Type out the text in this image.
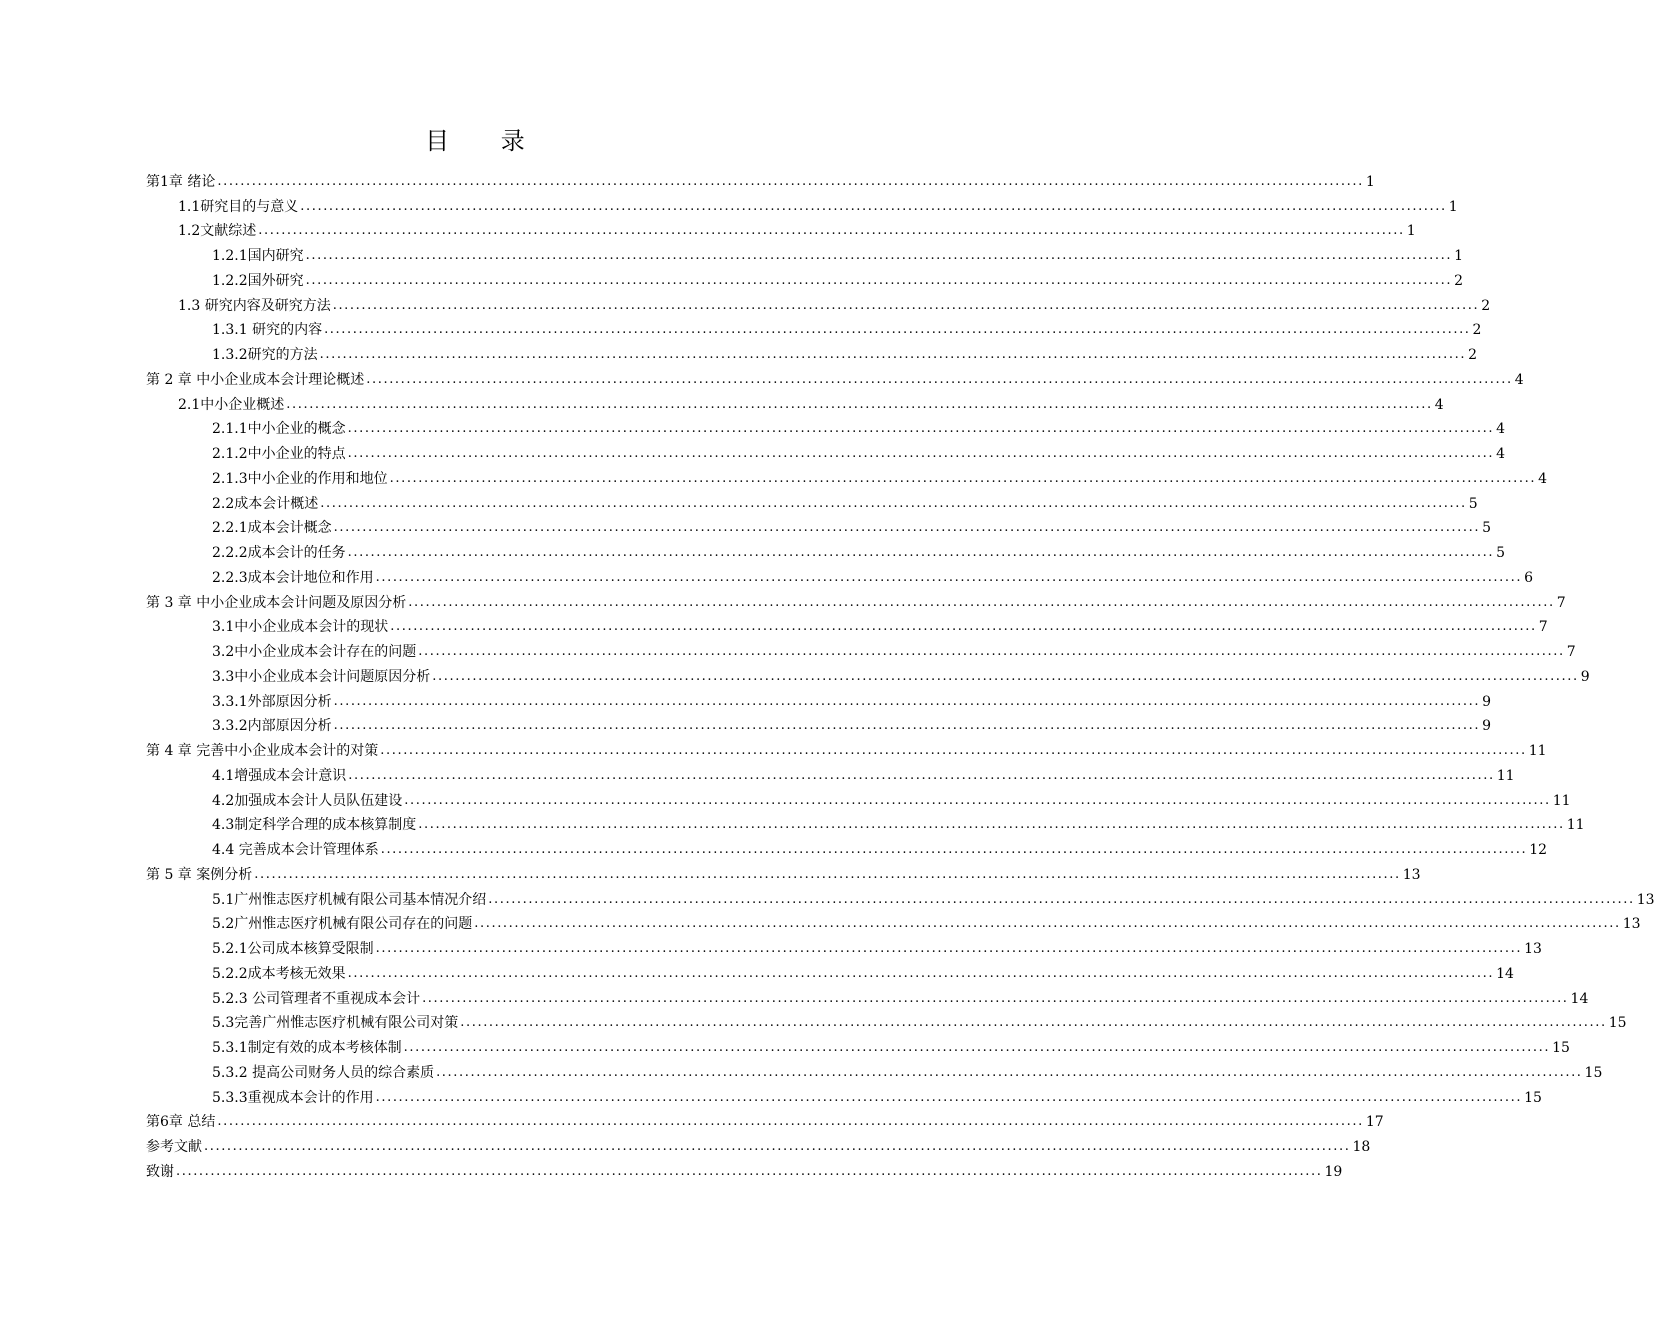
目 录
第1章 绪论 ........................................................................................................................................................................................................ 1
1.1研究目的与意义 ........................................................................................................................................................................................................ 1
1.2文献综述 ........................................................................................................................................................................................................ 1
1.2.1国内研究 ........................................................................................................................................................................................................ 1
1.2.2国外研究 ........................................................................................................................................................................................................ 2
1.3 研究内容及研究方法 ........................................................................................................................................................................................................ 2
1.3.1 研究的内容 ........................................................................................................................................................................................................ 2
1.3.2研究的方法 ........................................................................................................................................................................................................ 2
第 2 章 中小企业成本会计理论概述 ........................................................................................................................................................................................................ 4
2.1中小企业概述 ........................................................................................................................................................................................................ 4
2.1.1中小企业的概念 ........................................................................................................................................................................................................ 4
2.1.2中小企业的特点 ........................................................................................................................................................................................................ 4
2.1.3中小企业的作用和地位 ........................................................................................................................................................................................................ 4
2.2成本会计概述 ........................................................................................................................................................................................................ 5
2.2.1成本会计概念 ........................................................................................................................................................................................................ 5
2.2.2成本会计的任务 ........................................................................................................................................................................................................ 5
2.2.3成本会计地位和作用 ........................................................................................................................................................................................................ 6
第 3 章 中小企业成本会计问题及原因分析 ........................................................................................................................................................................................................ 7
3.1中小企业成本会计的现状 ........................................................................................................................................................................................................ 7
3.2中小企业成本会计存在的问题 ........................................................................................................................................................................................................ 7
3.3中小企业成本会计问题原因分析 ........................................................................................................................................................................................................ 9
3.3.1外部原因分析 ........................................................................................................................................................................................................ 9
3.3.2内部原因分析 ........................................................................................................................................................................................................ 9
第 4 章 完善中小企业成本会计的对策 ........................................................................................................................................................................................................ 11
4.1增强成本会计意识 ........................................................................................................................................................................................................ 11
4.2加强成本会计人员队伍建设 ........................................................................................................................................................................................................ 11
4.3制定科学合理的成本核算制度 ........................................................................................................................................................................................................ 11
4.4 完善成本会计管理体系 ........................................................................................................................................................................................................ 12
第 5 章 案例分析 ........................................................................................................................................................................................................ 13
5.1广州惟志医疗机械有限公司基本情况介绍 ........................................................................................................................................................................................................ 13
5.2广州惟志医疗机械有限公司存在的问题 ........................................................................................................................................................................................................ 13
5.2.1公司成本核算受限制 ........................................................................................................................................................................................................ 13
5.2.2成本考核无效果 ........................................................................................................................................................................................................ 14
5.2.3 公司管理者不重视成本会计 ........................................................................................................................................................................................................ 14
5.3完善广州惟志医疗机械有限公司对策 ........................................................................................................................................................................................................ 15
5.3.1制定有效的成本考核体制 ........................................................................................................................................................................................................ 15
5.3.2 提高公司财务人员的综合素质 ........................................................................................................................................................................................................ 15
5.3.3重视成本会计的作用 ........................................................................................................................................................................................................ 15
第6章 总结 ........................................................................................................................................................................................................ 17
参考文献 ........................................................................................................................................................................................................ 18
致谢 ........................................................................................................................................................................................................ 19
